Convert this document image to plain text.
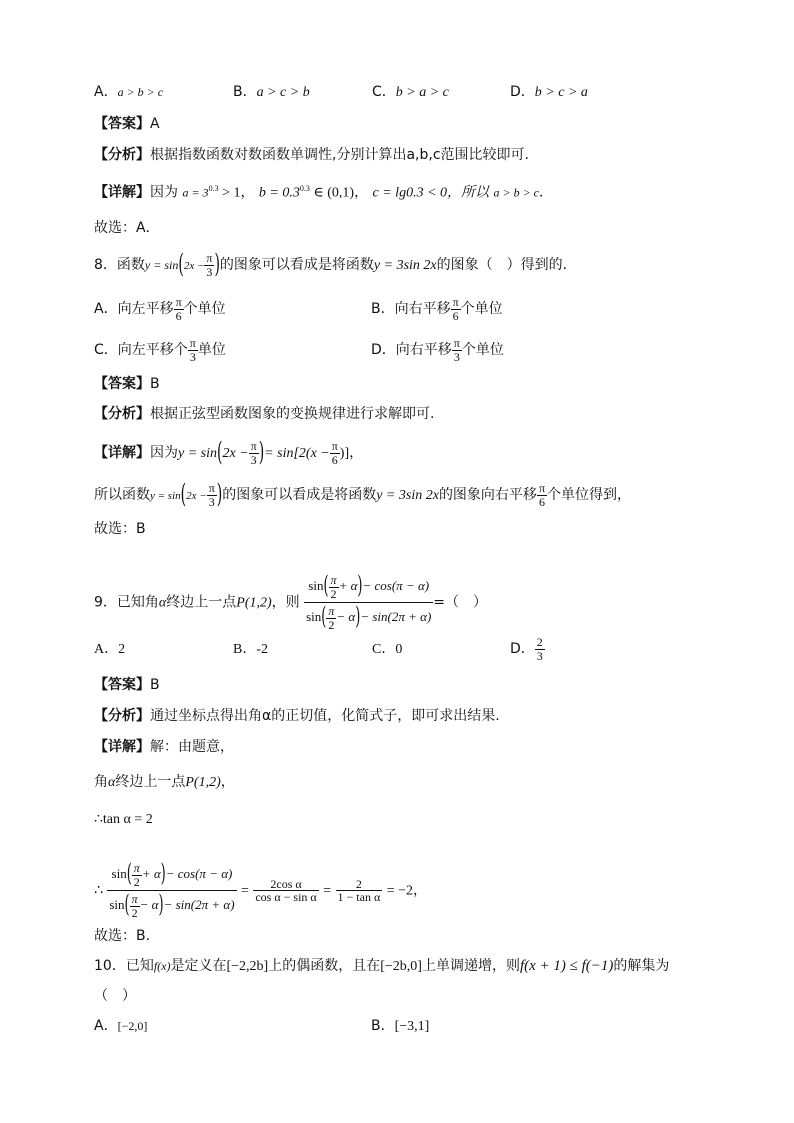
A．a > b > c	B．a > c > b	C．b > a > c	D．b > c > a
【答案】A
【分析】根据指数函数对数函数单调性,分别计算出a,b,c范围比较即可.
【详解】因为 $a = 3^{0.3} > 1$， $b = 0.3^{0.3}$ ∈ (0,1)， c = lg0.3 < 0，所以 a > b > c．
故选：A．
8．函数$y = \sin(2x - \frac{\pi}{3}$ )的图象可以看成是将函数y = 3sin 2x的图象（　）得到的．
A．向左平移 $\frac{\pi}{6}$ 个单位	B．向右平移 $\frac{\pi}{6}$ 个单位
C．向左平移个 $\frac{\pi}{3}$ 单位	D．向右平移 $\frac{\pi}{3}$ 个单位
【答案】B
【分析】根据正弦型函数图象的变换规律进行求解即可.
【详解】因为$y = \sin(2x - \frac{\pi}{3}$ )= $\sin[2(x - \frac{\pi}{6}$ )]，
所以函数$y = \sin(2x - \frac{\pi}{3}$ )的图象可以看成是将函数y = 3sin 2x的图象向右平移 $\frac{\pi}{6}$ 个单位得到，
故选：B
9．已知角α终边上一点P(1,2)，则 $\frac{\sin( \frac{\pi}{2} + \alpha)- \cos(\pi - \alpha)}{\sin( \frac{\pi}{2} - \alpha)- \sin(2\pi + \alpha)}$ =（　）
A．2	B．-2	C．0	D． $\frac{2}{3}$
【答案】B
【分析】通过坐标点得出角α的正切值，化简式子，即可求出结果.
【详解】解：由题意，
角α终边上一点P(1,2)，
∴tan α = 2
∴ $\frac{\sin( \frac{\pi}{2} + \alpha)- \cos(\pi - \alpha)}{\sin( \frac{\pi}{2} - \alpha)- \sin(2\pi + \alpha)} = \frac{\text{2cos α}}{\text{cos α − sin α}} = \frac{2}{\text{1 − tan α}} = -2$，
故选：B.
10．已知f(x)是定义在[−2,2b]上的偶函数，且在[−2b,0]上单调递增，则f(x + 1) ≤ f(−1)的解集为
（　）
A．[−2,0]	B．[−3,1]
